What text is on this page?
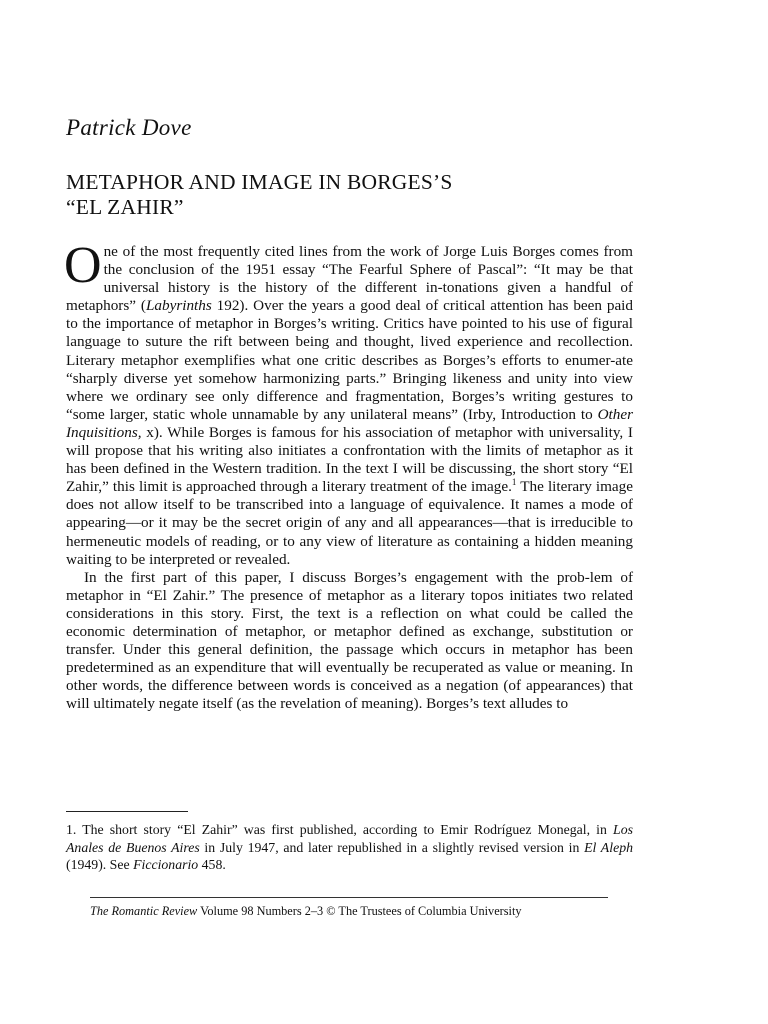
Patrick Dove
METAPHOR AND IMAGE IN BORGES’S
“EL ZAHIR”

One of the most frequently cited lines from the work of Jorge Luis Borges comes from the conclusion of the 1951 essay “The Fearful Sphere of Pascal”: “It may be that universal history is the history of the different in-tonations given a handful of metaphors” (Labyrinths 192). Over the years a good deal of critical attention has been paid to the importance of metaphor in Borges’s writing. Critics have pointed to his use of figural language to suture the rift between being and thought, lived experience and recollection. Literary metaphor exemplifies what one critic describes as Borges’s efforts to enumer-ate “sharply diverse yet somehow harmonizing parts.” Bringing likeness and unity into view where we ordinary see only difference and fragmentation, Borges’s writing gestures to “some larger, static whole unnamable by any unilateral means” (Irby, Introduction to Other Inquisitions, x). While Borges is famous for his association of metaphor with universality, I will propose that his writing also initiates a confrontation with the limits of metaphor as it has been defined in the Western tradition. In the text I will be discussing, the short story “El Zahir,” this limit is approached through a literary treatment of the image.$^1$ The literary image does not allow itself to be transcribed into a language of equivalence. It names a mode of appearing—or it may be the secret origin of any and all appearances—that is irreducible to hermeneutic models of reading, or to any view of literature as containing a hidden meaning waiting to be interpreted or revealed.

In the first part of this paper, I discuss Borges’s engagement with the prob-lem of metaphor in “El Zahir.” The presence of metaphor as a literary topos initiates two related considerations in this story. First, the text is a reflection on what could be called the economic determination of metaphor, or metaphor defined as exchange, substitution or transfer. Under this general definition, the passage which occurs in metaphor has been predetermined as an expenditure that will eventually be recuperated as value or meaning. In other words, the difference between words is conceived as a negation (of appearances) that will ultimately negate itself (as the revelation of meaning). Borges’s text alludes to

1. The short story “El Zahir” was first published, according to Emir Rodríguez Monegal, in Los Anales de Buenos Aires in July 1947, and later republished in a slightly revised version in El Aleph (1949). See Ficcionario 458.
The Romantic Review Volume 98 Numbers 2–3 © The Trustees of Columbia University
